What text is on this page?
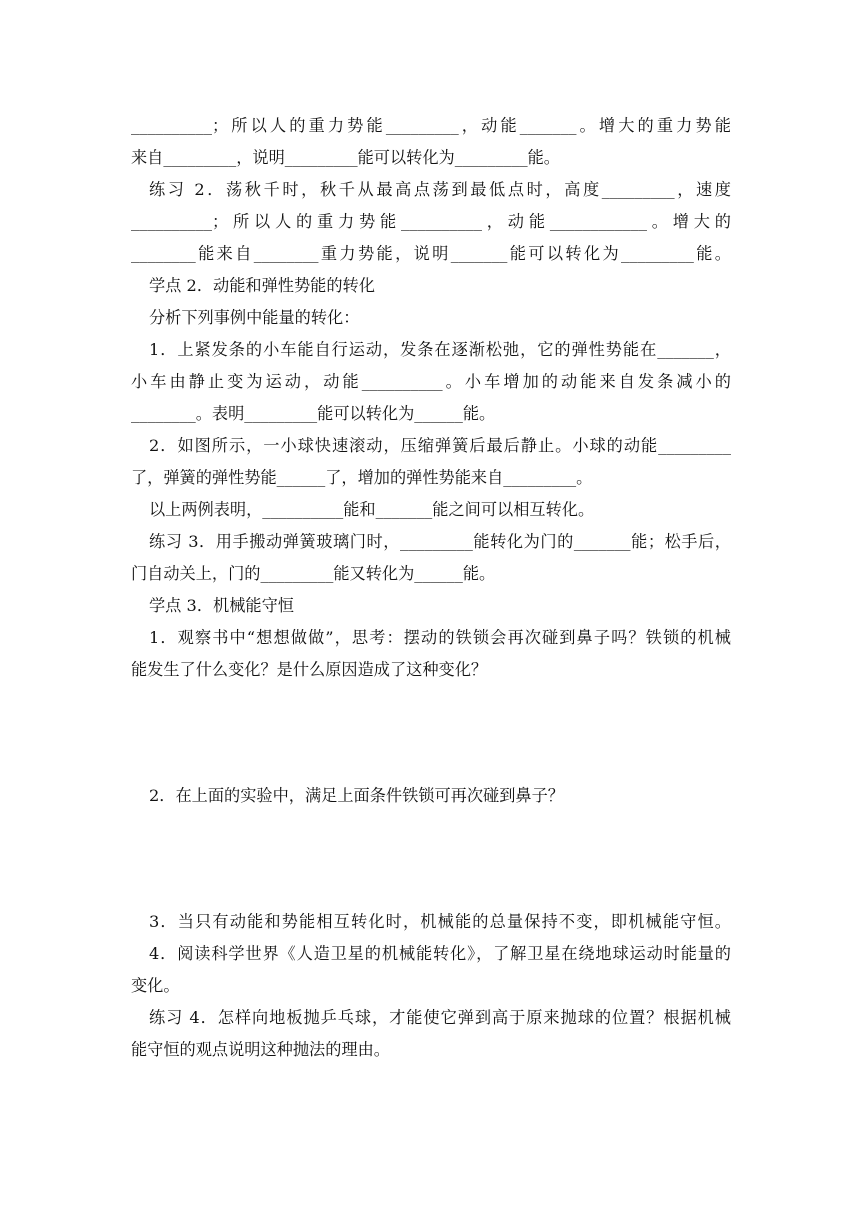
__________；所以人的重力势能_________，动能_______。增大的重力势能
来自_________，说明_________能可以转化为_________能。
练习 2．荡秋千时，秋千从最高点荡到最低点时，高度_________，速度
__________；所以人的重力势能__________，动能____________。增大的
________能来自________重力势能，说明_______能可以转化为_________能。
学点 2．动能和弹性势能的转化
分析下列事例中能量的转化：
1．上紧发条的小车能自行运动，发条在逐渐松弛，它的弹性势能在_______，
小车由静止变为运动，动能__________。小车增加的动能来自发条减小的
________。表明_________能可以转化为______能。
2．如图所示，一小球快速滚动，压缩弹簧后最后静止。小球的动能_________
了，弹簧的弹性势能______了，增加的弹性势能来自_________。
以上两例表明，__________能和_______能之间可以相互转化。
练习 3．用手搬动弹簧玻璃门时，_________能转化为门的_______能；松手后，
门自动关上，门的_________能又转化为______能。
学点 3．机械能守恒
1．观察书中“想想做做”，思考：摆动的铁锁会再次碰到鼻子吗？铁锁的机械
能发生了什么变化？是什么原因造成了这种变化？
2．在上面的实验中，满足上面条件铁锁可再次碰到鼻子？
3．当只有动能和势能相互转化时，机械能的总量保持不变，即机械能守恒。
4．阅读科学世界《人造卫星的机械能转化》，了解卫星在绕地球运动时能量的
变化。
练习 4．怎样向地板抛乒乓球，才能使它弹到高于原来抛球的位置？根据机械
能守恒的观点说明这种抛法的理由。
